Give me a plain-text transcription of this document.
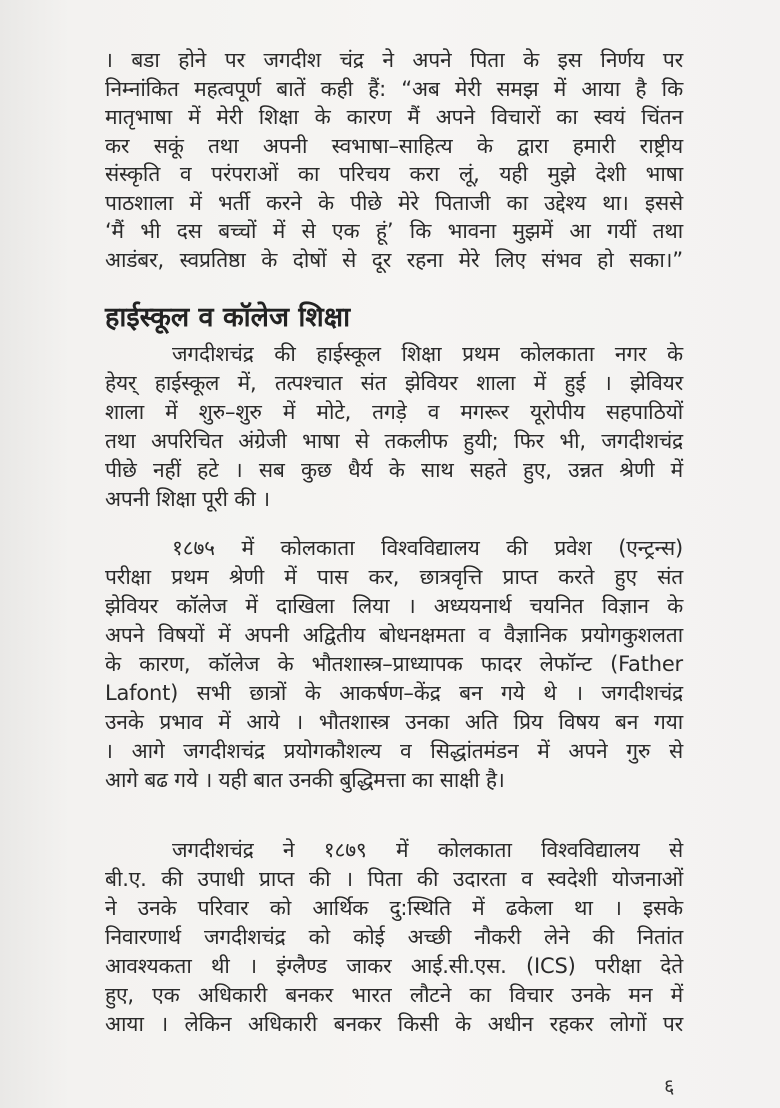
। बडा होने पर जगदीश चंद्र ने अपने पिता के इस निर्णय पर
निम्नांकित महत्वपूर्ण बातें कही हैं: “अब मेरी समझ में आया है कि
मातृभाषा में मेरी शिक्षा के कारण मैं अपने विचारों का स्वयं चिंतन
कर सकूं तथा अपनी स्वभाषा–साहित्य के द्वारा हमारी राष्ट्रीय
संस्कृति व परंपराओं का परिचय करा लूं, यही मुझे देशी भाषा
पाठशाला में भर्ती करने के पीछे मेरे पिताजी का उद्देश्य था। इससे
‘मैं भी दस बच्चों में से एक हूं’ कि भावना मुझमें आ गयीं तथा
आडंबर, स्वप्रतिष्ठा के दोषों से दूर रहना मेरे लिए संभव हो सका।”
हाईस्कूल व कॉलेज शिक्षा
जगदीशचंद्र की हाईस्कूल शिक्षा प्रथम कोलकाता नगर के
हेयर् हाईस्कूल में, तत्पश्चात संत झेवियर शाला में हुई । झेवियर
शाला में शुरु–शुरु में मोटे, तगड़े व मगरूर यूरोपीय सहपाठियों
तथा अपरिचित अंग्रेजी भाषा से तकलीफ हुयी; फिर भी, जगदीशचंद्र
पीछे नहीं हटे । सब कुछ धैर्य के साथ सहते हुए, उन्नत श्रेणी में
अपनी शिक्षा पूरी की ।
१८७५ में कोलकाता विश्वविद्यालय की प्रवेश (एन्ट्रन्स)
परीक्षा प्रथम श्रेणी में पास कर, छात्रवृत्ति प्राप्त करते हुए संत
झेवियर कॉलेज में दाखिला लिया । अध्ययनार्थ चयनित विज्ञान के
अपने विषयों में अपनी अद्वितीय बोधनक्षमता व वैज्ञानिक प्रयोगकुशलता
के कारण, कॉलेज के भौतशास्त्र–प्राध्यापक फादर लेफॉन्ट (Father
Lafont) सभी छात्रों के आकर्षण–केंद्र बन गये थे । जगदीशचंद्र
उनके प्रभाव में आये । भौतशास्त्र उनका अति प्रिय विषय बन गया
। आगे जगदीशचंद्र प्रयोगकौशल्य व सिद्धांतमंडन में अपने गुरु से
आगे बढ गये । यही बात उनकी बुद्धिमत्ता का साक्षी है।
जगदीशचंद्र ने १८७९ में कोलकाता विश्वविद्यालय से
बी.ए. की उपाधी प्राप्त की । पिता की उदारता व स्वदेशी योजनाओं
ने उनके परिवार को आर्थिक दु:स्थिति में ढकेला था । इसके
निवारणार्थ जगदीशचंद्र को कोई अच्छी नौकरी लेने की नितांत
आवश्यकता थी । इंग्लैण्ड जाकर आई.सी.एस. (ICS) परीक्षा देते
हुए, एक अधिकारी बनकर भारत लौटने का विचार उनके मन में
आया । लेकिन अधिकारी बनकर किसी के अधीन रहकर लोगों पर
६
